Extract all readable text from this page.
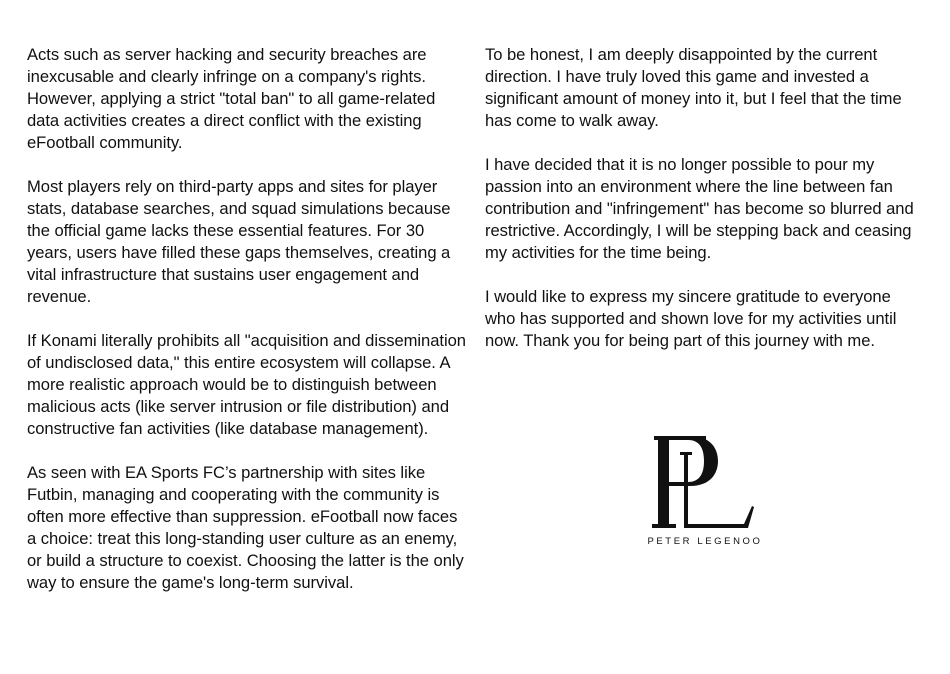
Acts such as server hacking and security breaches are inexcusable and clearly infringe on a company's rights. However, applying a strict "total ban" to all game-related data activities creates a direct conflict with the existing eFootball community.

Most players rely on third-party apps and sites for player stats, database searches, and squad simulations because the official game lacks these essential features. For 30 years, users have filled these gaps themselves, creating a vital infrastructure that sustains user engagement and revenue.

If Konami literally prohibits all "acquisition and dissemination of undisclosed data," this entire ecosystem will collapse. A more realistic approach would be to distinguish between malicious acts (like server intrusion or file distribution) and constructive fan activities (like database management).

As seen with EA Sports FC’s partnership with sites like Futbin, managing and cooperating with the community is often more effective than suppression. eFootball now faces a choice: treat this long-standing user culture as an enemy, or build a structure to coexist. Choosing the latter is the only way to ensure the game's long-term survival.

To be honest, I am deeply disappointed by the current direction. I have truly loved this game and invested a significant amount of money into it, but I feel that the time has come to walk away.

I have decided that it is no longer possible to pour my passion into an environment where the line between fan contribution and "infringement" has become so blurred and restrictive. Accordingly, I will be stepping back and ceasing my activities for the time being.

I would like to express my sincere gratitude to everyone who has supported and shown love for my activities until now. Thank you for being part of this journey with me.

PETER LEGENOO
